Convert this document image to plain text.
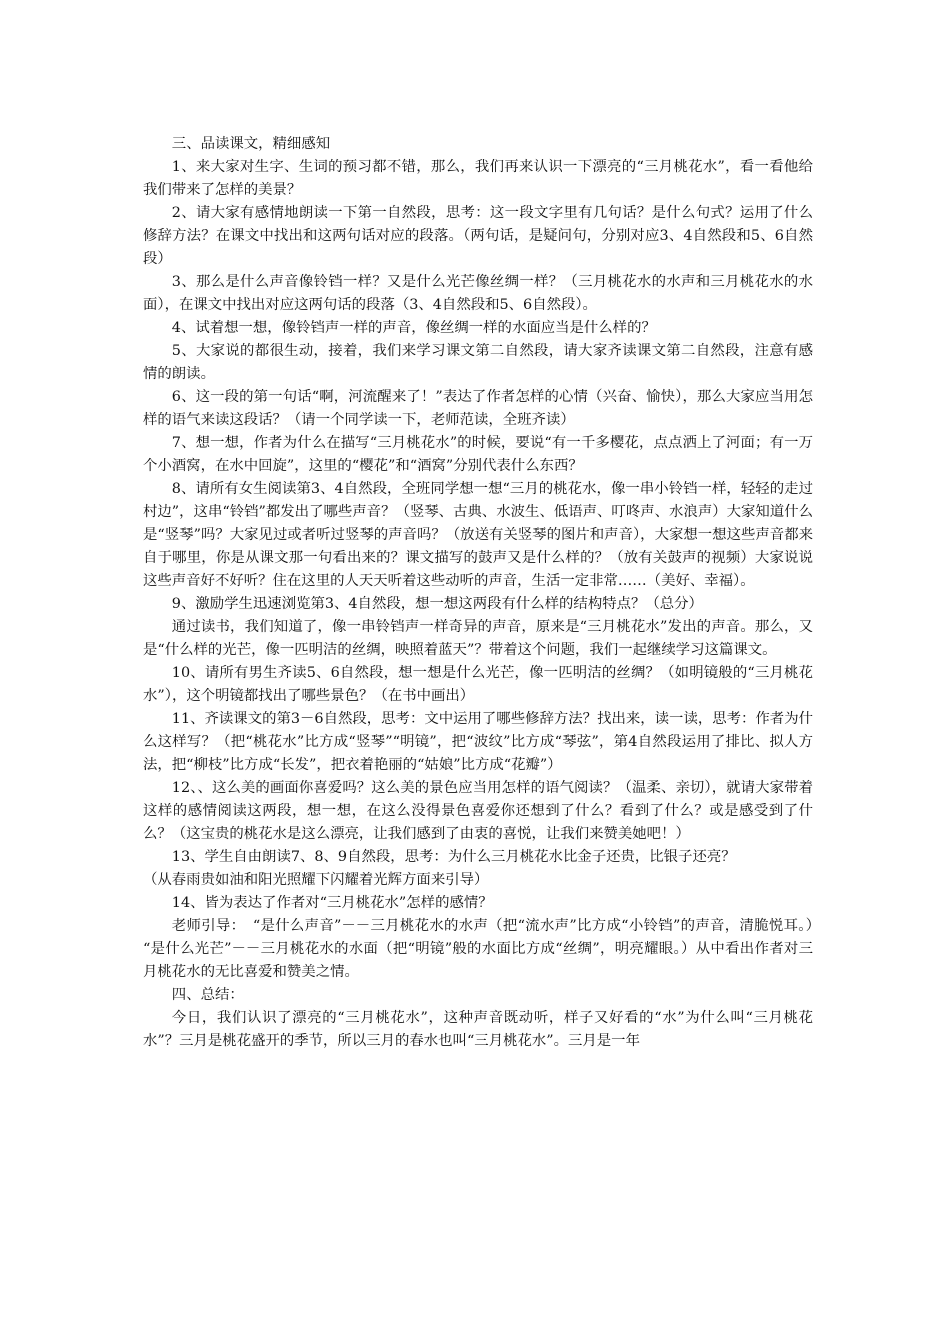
三、品读课文，精细感知

1、来大家对生字、生词的预习都不错，那么，我们再来认识一下漂亮的“三月桃花水”，看一看他给我们带来了怎样的美景？

2、请大家有感情地朗读一下第一自然段，思考：这一段文字里有几句话？是什么句式？运用了什么修辞方法？在课文中找出和这两句话对应的段落。（两句话，是疑问句，分别对应3、4自然段和5、6自然段）

3、那么是什么声音像铃铛一样？又是什么光芒像丝绸一样？（三月桃花水的水声和三月桃花水的水面），在课文中找出对应这两句话的段落（3、4自然段和5、6自然段）。

4、试着想一想，像铃铛声一样的声音，像丝绸一样的水面应当是什么样的？

5、大家说的都很生动，接着，我们来学习课文第二自然段，请大家齐读课文第二自然段，注意有感情的朗读。

6、这一段的第一句话“啊，河流醒来了！”表达了作者怎样的心情（兴奋、愉快），那么大家应当用怎样的语气来读这段话？（请一个同学读一下，老师范读，全班齐读）

7、想一想，作者为什么在描写“三月桃花水”的时候，要说“有一千多樱花，点点洒上了河面；有一万个小酒窝，在水中回旋”，这里的“樱花”和“酒窝”分别代表什么东西？

8、请所有女生阅读第3、4自然段，全班同学想一想“三月的桃花水，像一串小铃铛一样，轻轻的走过村边”，这串“铃铛”都发出了哪些声音？（竖琴、古典、水波生、低语声、叮咚声、水浪声）大家知道什么是“竖琴”吗？大家见过或者听过竖琴的声音吗？（放送有关竖琴的图片和声音），大家想一想这些声音都来自于哪里，你是从课文那一句看出来的？课文描写的鼓声又是什么样的？（放有关鼓声的视频）大家说说这些声音好不好听？住在这里的人天天听着这些动听的声音，生活一定非常……（美好、幸福）。

9、激励学生迅速浏览第3、4自然段，想一想这两段有什么样的结构特点？（总分）

通过读书，我们知道了，像一串铃铛声一样奇异的声音，原来是“三月桃花水”发出的声音。那么，又是“什么样的光芒，像一匹明洁的丝绸，映照着蓝天”？带着这个问题，我们一起继续学习这篇课文。

10、请所有男生齐读5、6自然段，想一想是什么光芒，像一匹明洁的丝绸？（如明镜般的“三月桃花水”），这个明镜都找出了哪些景色？（在书中画出）

11、齐读课文的第3－6自然段，思考：文中运用了哪些修辞方法？找出来，读一读，思考：作者为什么这样写？（把“桃花水”比方成“竖琴”“明镜”，把“波纹”比方成“琴弦”，第4自然段运用了排比、拟人方法，把“柳枝”比方成“长发”，把衣着艳丽的“姑娘”比方成“花瓣”）

12、、这么美的画面你喜爱吗？这么美的景色应当用怎样的语气阅读？（温柔、亲切），就请大家带着这样的感情阅读这两段，想一想，在这么没得景色喜爱你还想到了什么？看到了什么？或是感受到了什么？（这宝贵的桃花水是这么漂亮，让我们感到了由衷的喜悦，让我们来赞美她吧！）

13、学生自由朗读7、8、9自然段，思考：为什么三月桃花水比金子还贵，比银子还亮？

（从春雨贵如油和阳光照耀下闪耀着光辉方面来引导）

14、皆为表达了作者对“三月桃花水”怎样的感情？

老师引导：　“是什么声音”－－三月桃花水的水声（把“流水声”比方成“小铃铛”的声音，清脆悦耳。）　“是什么光芒”－－三月桃花水的水面（把“明镜”般的水面比方成“丝绸”，明亮耀眼。）从中看出作者对三月桃花水的无比喜爱和赞美之情。

四、总结：

今日，我们认识了漂亮的“三月桃花水”，这种声音既动听，样子又好看的“水”为什么叫“三月桃花水”？三月是桃花盛开的季节，所以三月的春水也叫“三月桃花水”。三月是一年
